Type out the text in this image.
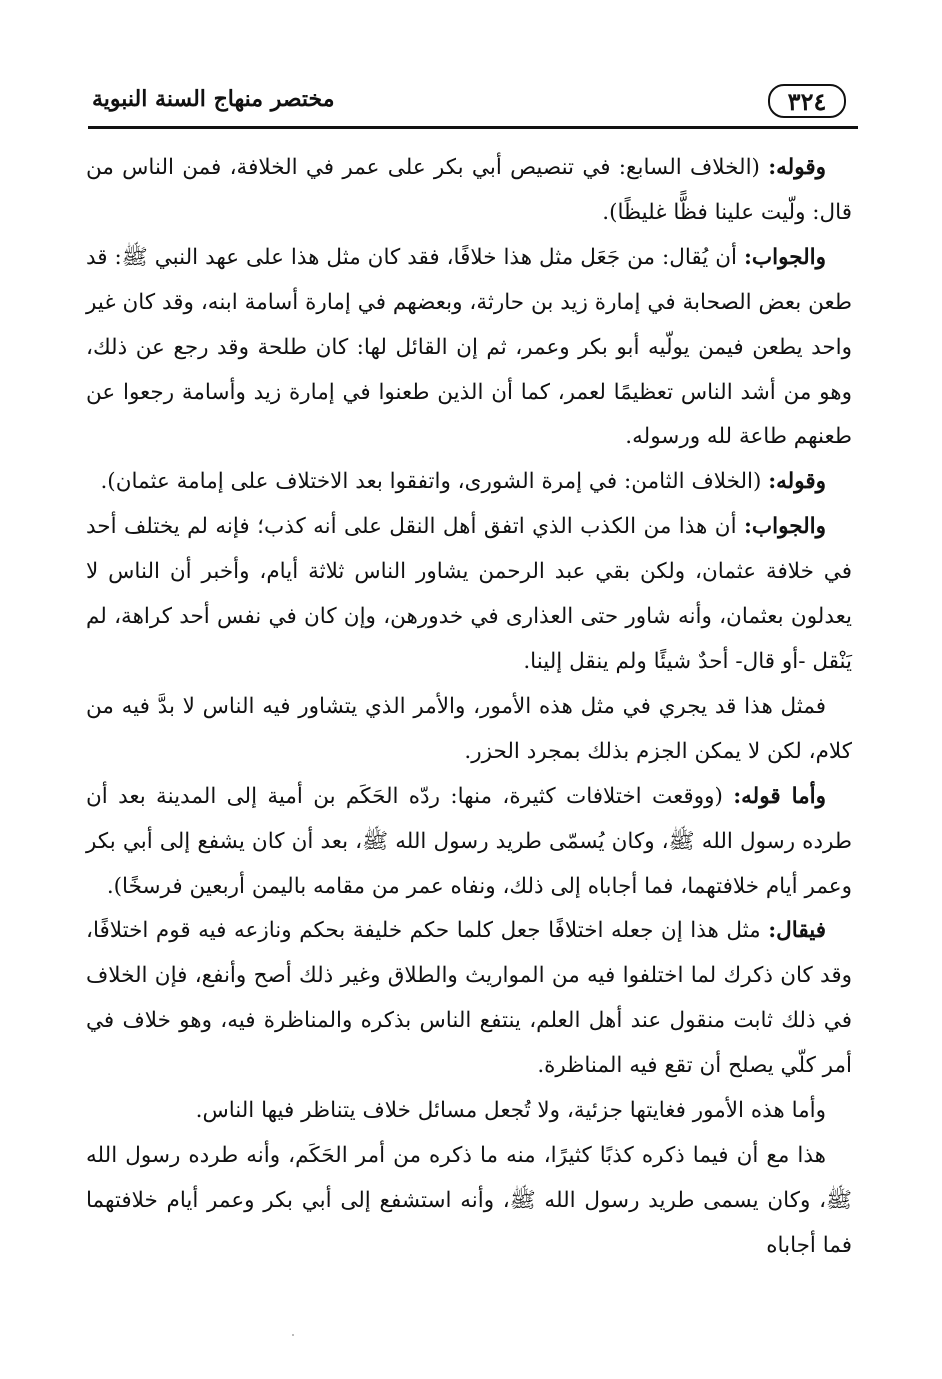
٣٢٤
مختصر منهاج السنة النبوية

وقوله: (الخلاف السابع: في تنصيص أبي بكر على عمر في الخلافة، فمن الناس من قال: ولّيت علينا فظًّا غليظًا).

والجواب: أن يُقال: من جَعَل مثل هذا خلافًا، فقد كان مثل هذا على عهد النبي ﷺ: قد طعن بعض الصحابة في إمارة زيد بن حارثة، وبعضهم في إمارة أسامة ابنه، وقد كان غير واحد يطعن فيمن يولّيه أبو بكر وعمر، ثم إن القائل لها: كان طلحة وقد رجع عن ذلك، وهو من أشد الناس تعظيمًا لعمر، كما أن الذين طعنوا في إمارة زيد وأسامة رجعوا عن طعنهم طاعة لله ورسوله.

وقوله: (الخلاف الثامن: في إمرة الشورى، واتفقوا بعد الاختلاف على إمامة عثمان).

والجواب: أن هذا من الكذب الذي اتفق أهل النقل على أنه كذب؛ فإنه لم يختلف أحد في خلافة عثمان، ولكن بقي عبد الرحمن يشاور الناس ثلاثة أيام، وأخبر أن الناس لا يعدلون بعثمان، وأنه شاور حتى العذارى في خدورهن، وإن كان في نفس أحد كراهة، لم يَنْقل -أو قال- أحدٌ شيئًا ولم ينقل إلينا.

فمثل هذا قد يجري في مثل هذه الأمور، والأمر الذي يتشاور فيه الناس لا بدَّ فيه من كلام، لكن لا يمكن الجزم بذلك بمجرد الحزر.

وأما قوله: (ووقعت اختلافات كثيرة، منها: ردّه الحَكَم بن أمية إلى المدينة بعد أن طرده رسول الله ﷺ، وكان يُسمّى طريد رسول الله ﷺ، بعد أن كان يشفع إلى أبي بكر وعمر أيام خلافتهما، فما أجاباه إلى ذلك، ونفاه عمر من مقامه باليمن أربعين فرسخًا).

فيقال: مثل هذا إن جعله اختلافًا جعل كلما حكم خليفة بحكم ونازعه فيه قوم اختلافًا، وقد كان ذكرك لما اختلفوا فيه من المواريث والطلاق وغير ذلك أصح وأنفع، فإن الخلاف في ذلك ثابت منقول عند أهل العلم، ينتفع الناس بذكره والمناظرة فيه، وهو خلاف في أمر كلّي يصلح أن تقع فيه المناظرة.

وأما هذه الأمور فغايتها جزئية، ولا تُجعل مسائل خلاف يتناظر فيها الناس.

هذا مع أن فيما ذكره كذبًا كثيرًا، منه ما ذكره من أمر الحَكَم، وأنه طرده رسول الله ﷺ، وكان يسمى طريد رسول الله ﷺ، وأنه استشفع إلى أبي بكر وعمر أيام خلافتهما فما أجاباه
